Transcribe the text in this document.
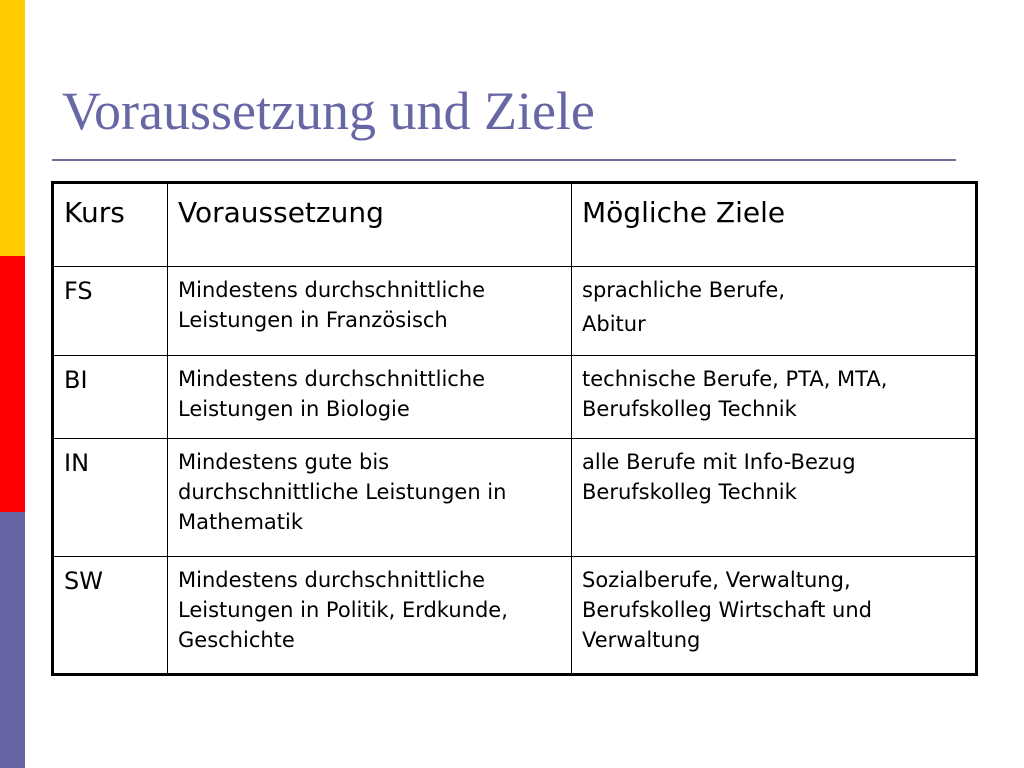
Voraussetzung und Ziele
Kurs	Voraussetzung	Mögliche Ziele
FS	Mindestens durchschnittliche Leistungen in Französisch	sprachliche Berufe,
Abitur

BI	Mindestens durchschnittliche Leistungen in Biologie	technische Berufe, PTA, MTA, Berufskolleg Technik

IN	Mindestens gute bis durchschnittliche Leistungen in Mathematik	alle Berufe mit Info-Bezug Berufskolleg Technik

SW	Mindestens durchschnittliche Leistungen in Politik, Erdkunde, Geschichte	Sozialberufe, Verwaltung, Berufskolleg Wirtschaft und Verwaltung
